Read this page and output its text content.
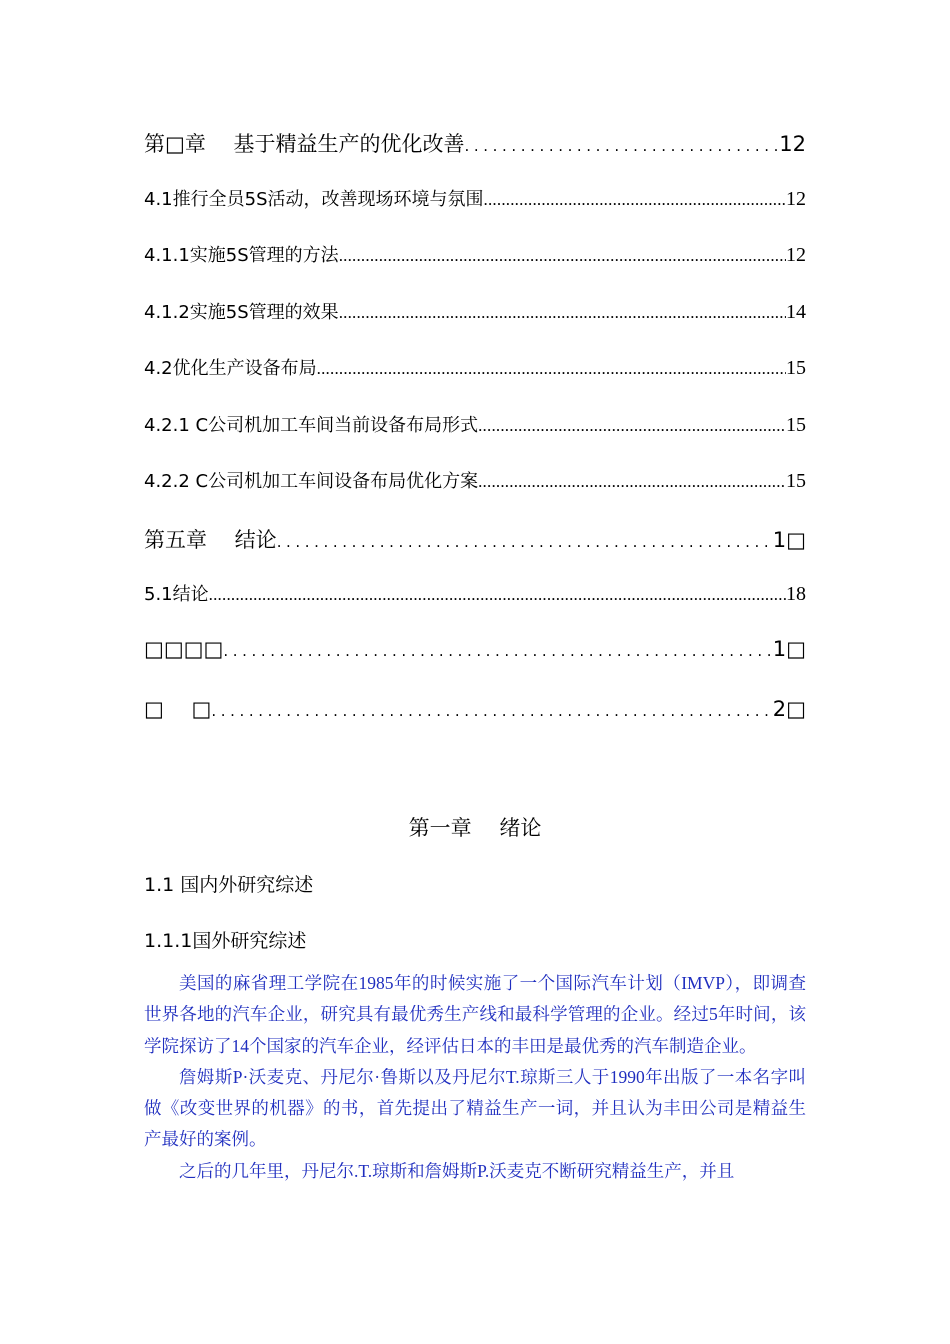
第□章　 基于精益生产的优化改善 .....	12
4.1推行全员5S活动，改善现场环境与氛围 .....	12
4.1.1实施5S管理的方法 .....	12
4.1.2实施5S管理的效果 .....	14
4.2优化生产设备布局 .....	15
4.2.1 C公司机加工车间当前设备布局形式 .....	15
4.2.2 C公司机加工车间设备布局优化方案 .....	15
第五章　 结论 .....	1□
5.1结论 .....	18
□□□□ .....	1□
□　 □ .....	2□
第一章　 绪论
1.1 国内外研究综述
1.1.1国外研究综述

美国的麻省理工学院在1985年的时候实施了一个国际汽车计划（IMVP），即调查世界各地的汽车企业，研究具有最优秀生产线和最科学管理的企业。经过5年时间，该学院探访了14个国家的汽车企业，经评估日本的丰田是最优秀的汽车制造企业。

詹姆斯P·沃麦克、丹尼尔·鲁斯以及丹尼尔T.琼斯三人于1990年出版了一本名字叫做《改变世界的机器》的书，首先提出了精益生产一词，并且认为丰田公司是精益生产最好的案例。

之后的几年里，丹尼尔.T.琼斯和詹姆斯P.沃麦克不断研究精益生产，并且
